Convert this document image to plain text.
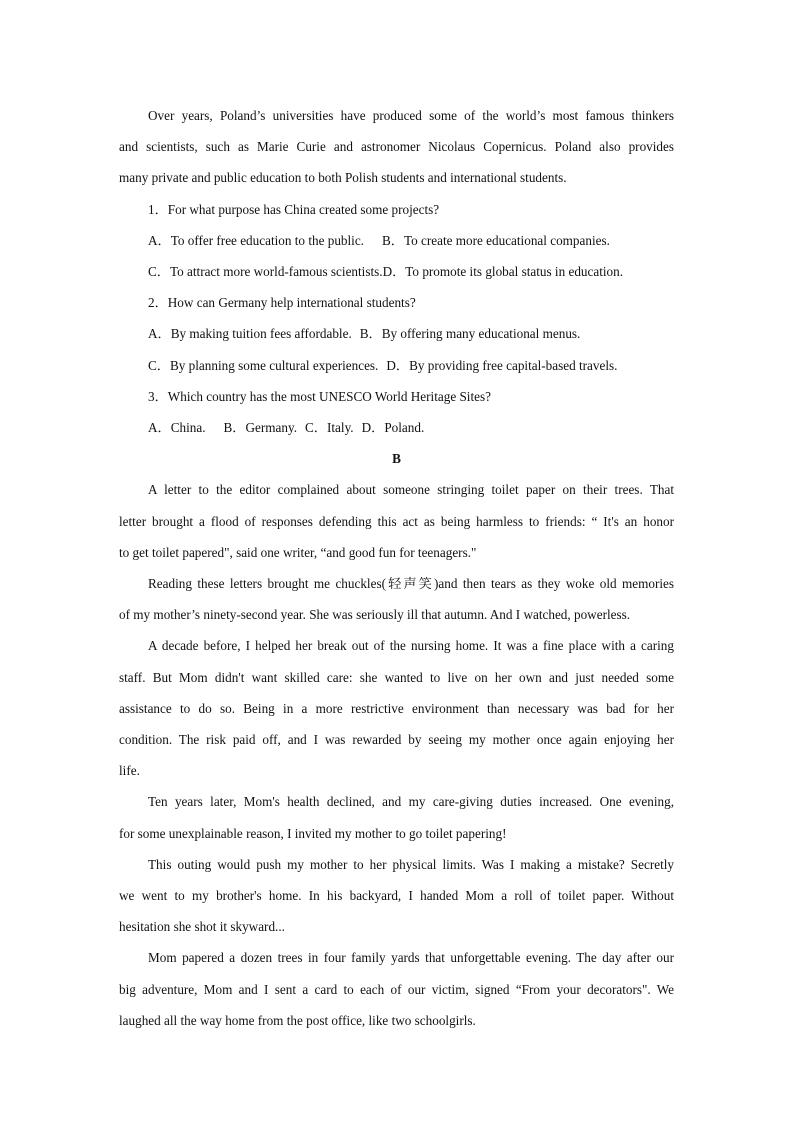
Over years, Poland’s universities have produced some of the world’s most famous thinkers
and scientists, such as Marie Curie and astronomer Nicolaus Copernicus. Poland also provides
many private and public education to both Polish students and international students.

1．For what purpose has China created some projects?

A．To offer free education to the public. B．To create more educational companies.

C．To attract more world-famous scientists.D．To promote its global status in education.

2．How can Germany help international students?

A．By making tuition fees affordable. B．By offering many educational menus.

C．By planning some cultural experiences. D．By providing free capital-based travels.

3．Which country has the most UNESCO World Heritage Sites?

A．China. B．Germany. C．Italy. D．Poland.

B

A letter to the editor complained about someone stringing toilet paper on their trees. That
letter brought a flood of responses defending this act as being harmless to friends: “ It's an honor
to get toilet papered", said one writer, “and good fun for teenagers."

Reading these letters brought me chuckles(轻声笑)and then tears as they woke old memories
of my mother’s ninety-second year. She was seriously ill that autumn. And I watched, powerless.

A decade before, I helped her break out of the nursing home. It was a fine place with a caring
staff. But Mom didn't want skilled care: she wanted to live on her own and just needed some
assistance to do so. Being in a more restrictive environment than necessary was bad for her
condition. The risk paid off, and I was rewarded by seeing my mother once again enjoying her
life.

Ten years later, Mom's health declined, and my care-giving duties increased. One evening,
for some unexplainable reason, I invited my mother to go toilet papering!

This outing would push my mother to her physical limits. Was I making a mistake? Secretly
we went to my brother's home. In his backyard, I handed Mom a roll of toilet paper. Without
hesitation she shot it skyward...

Mom papered a dozen trees in four family yards that unforgettable evening. The day after our
big adventure, Mom and I sent a card to each of our victim, signed “From your decorators". We
laughed all the way home from the post office, like two schoolgirls.
